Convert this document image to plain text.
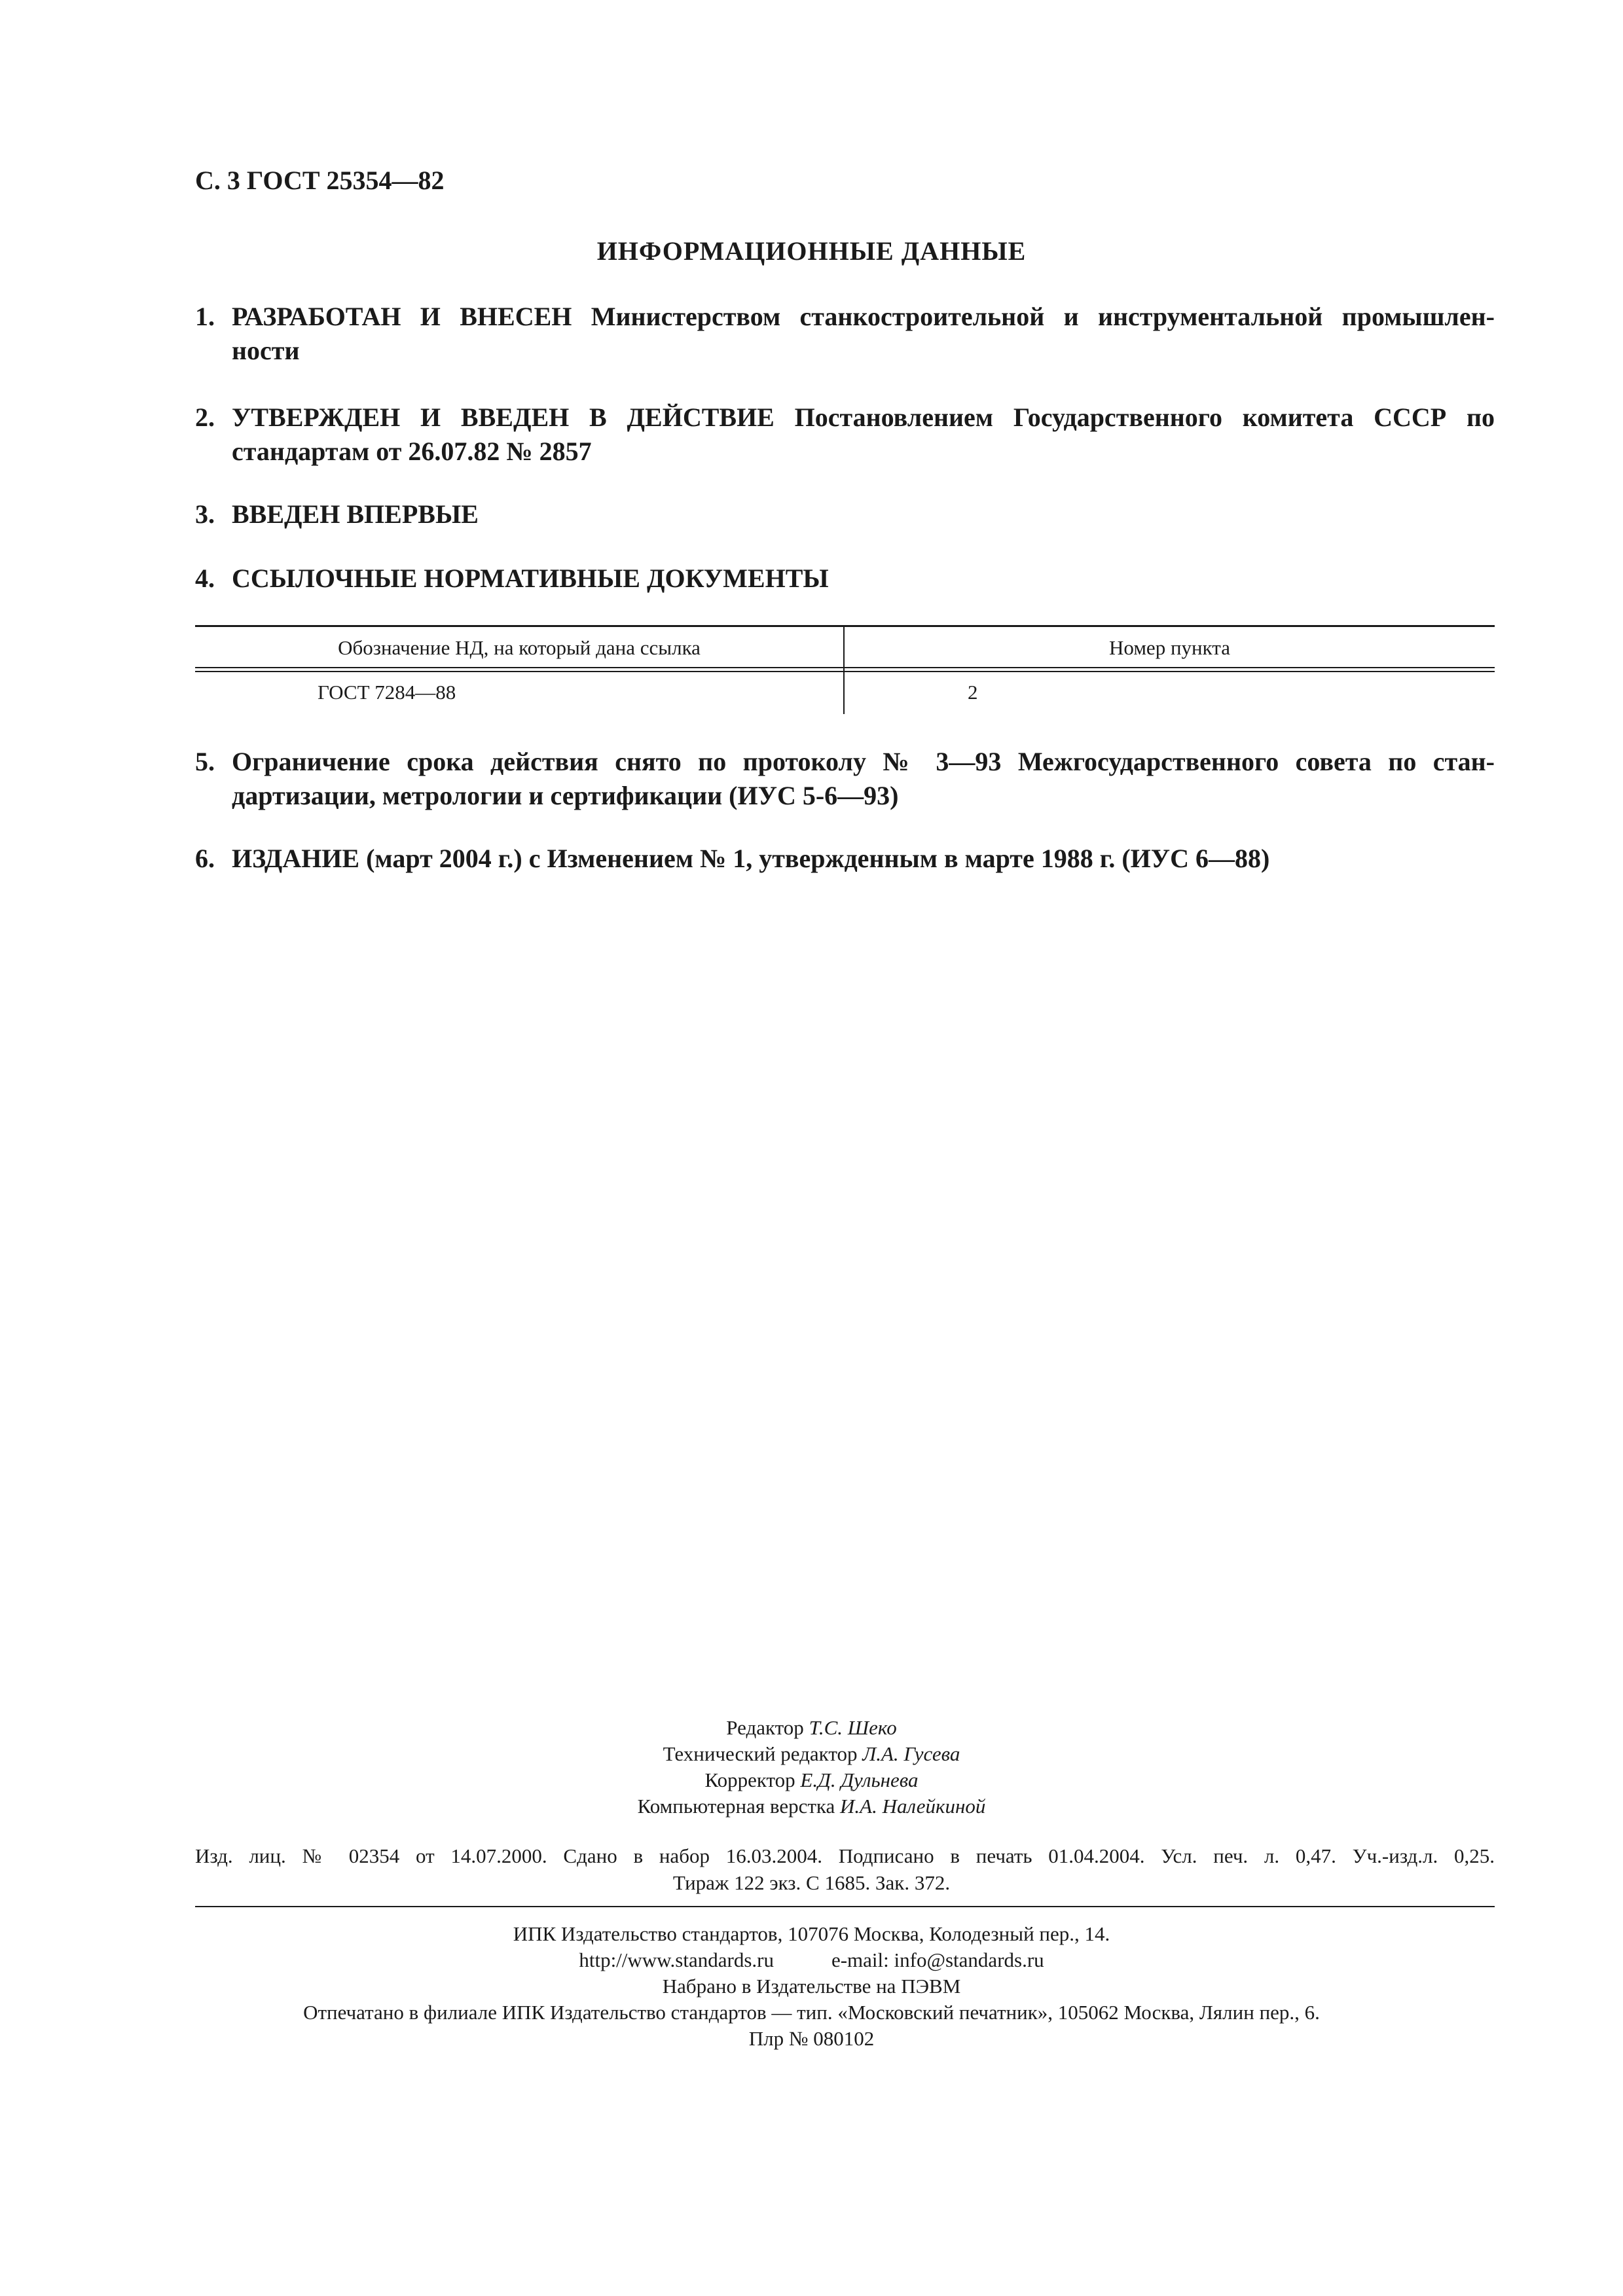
С. 3 ГОСТ 25354—82
ИНФОРМАЦИОННЫЕ ДАННЫЕ
1. РАЗРАБОТАН И ВНЕСЕН Министерством станкостроительной и инструментальной промышлен-
ности
2. УТВЕРЖДЕН И ВВЕДЕН В ДЕЙСТВИЕ Постановлением Государственного комитета СССР по
стандартам от 26.07.82 № 2857
3. ВВЕДЕН ВПЕРВЫЕ
4. ССЫЛОЧНЫЕ НОРМАТИВНЫЕ ДОКУМЕНТЫ
Обозначение НД, на который дана ссылка	Номер пункта
ГОСТ 7284—88	2
5. Ограничение срока действия снято по протоколу № 3—93 Межгосударственного совета по стан-
дартизации, метрологии и сертификации (ИУС 5-6—93)
6. ИЗДАНИЕ (март 2004 г.) с Изменением № 1, утвержденным в марте 1988 г. (ИУС 6—88)
Редактор Т.С. Шеко
Технический редактор Л.А. Гусева
Корректор Е.Д. Дульнева
Компьютерная верстка И.А. Налейкиной
Изд. лиц. № 02354 от 14.07.2000. Сдано в набор 16.03.2004. Подписано в печать 01.04.2004. Усл. печ. л. 0,47. Уч.-изд.л. 0,25.
Тираж 122 экз. С 1685. Зак. 372.
ИПК Издательство стандартов, 107076 Москва, Колодезный пер., 14.
http://www.standards.ru	e-mail: info@standards.ru
Набрано в Издательстве на ПЭВМ
Отпечатано в филиале ИПК Издательство стандартов — тип. «Московский печатник», 105062 Москва, Лялин пер., 6.
Плр № 080102
